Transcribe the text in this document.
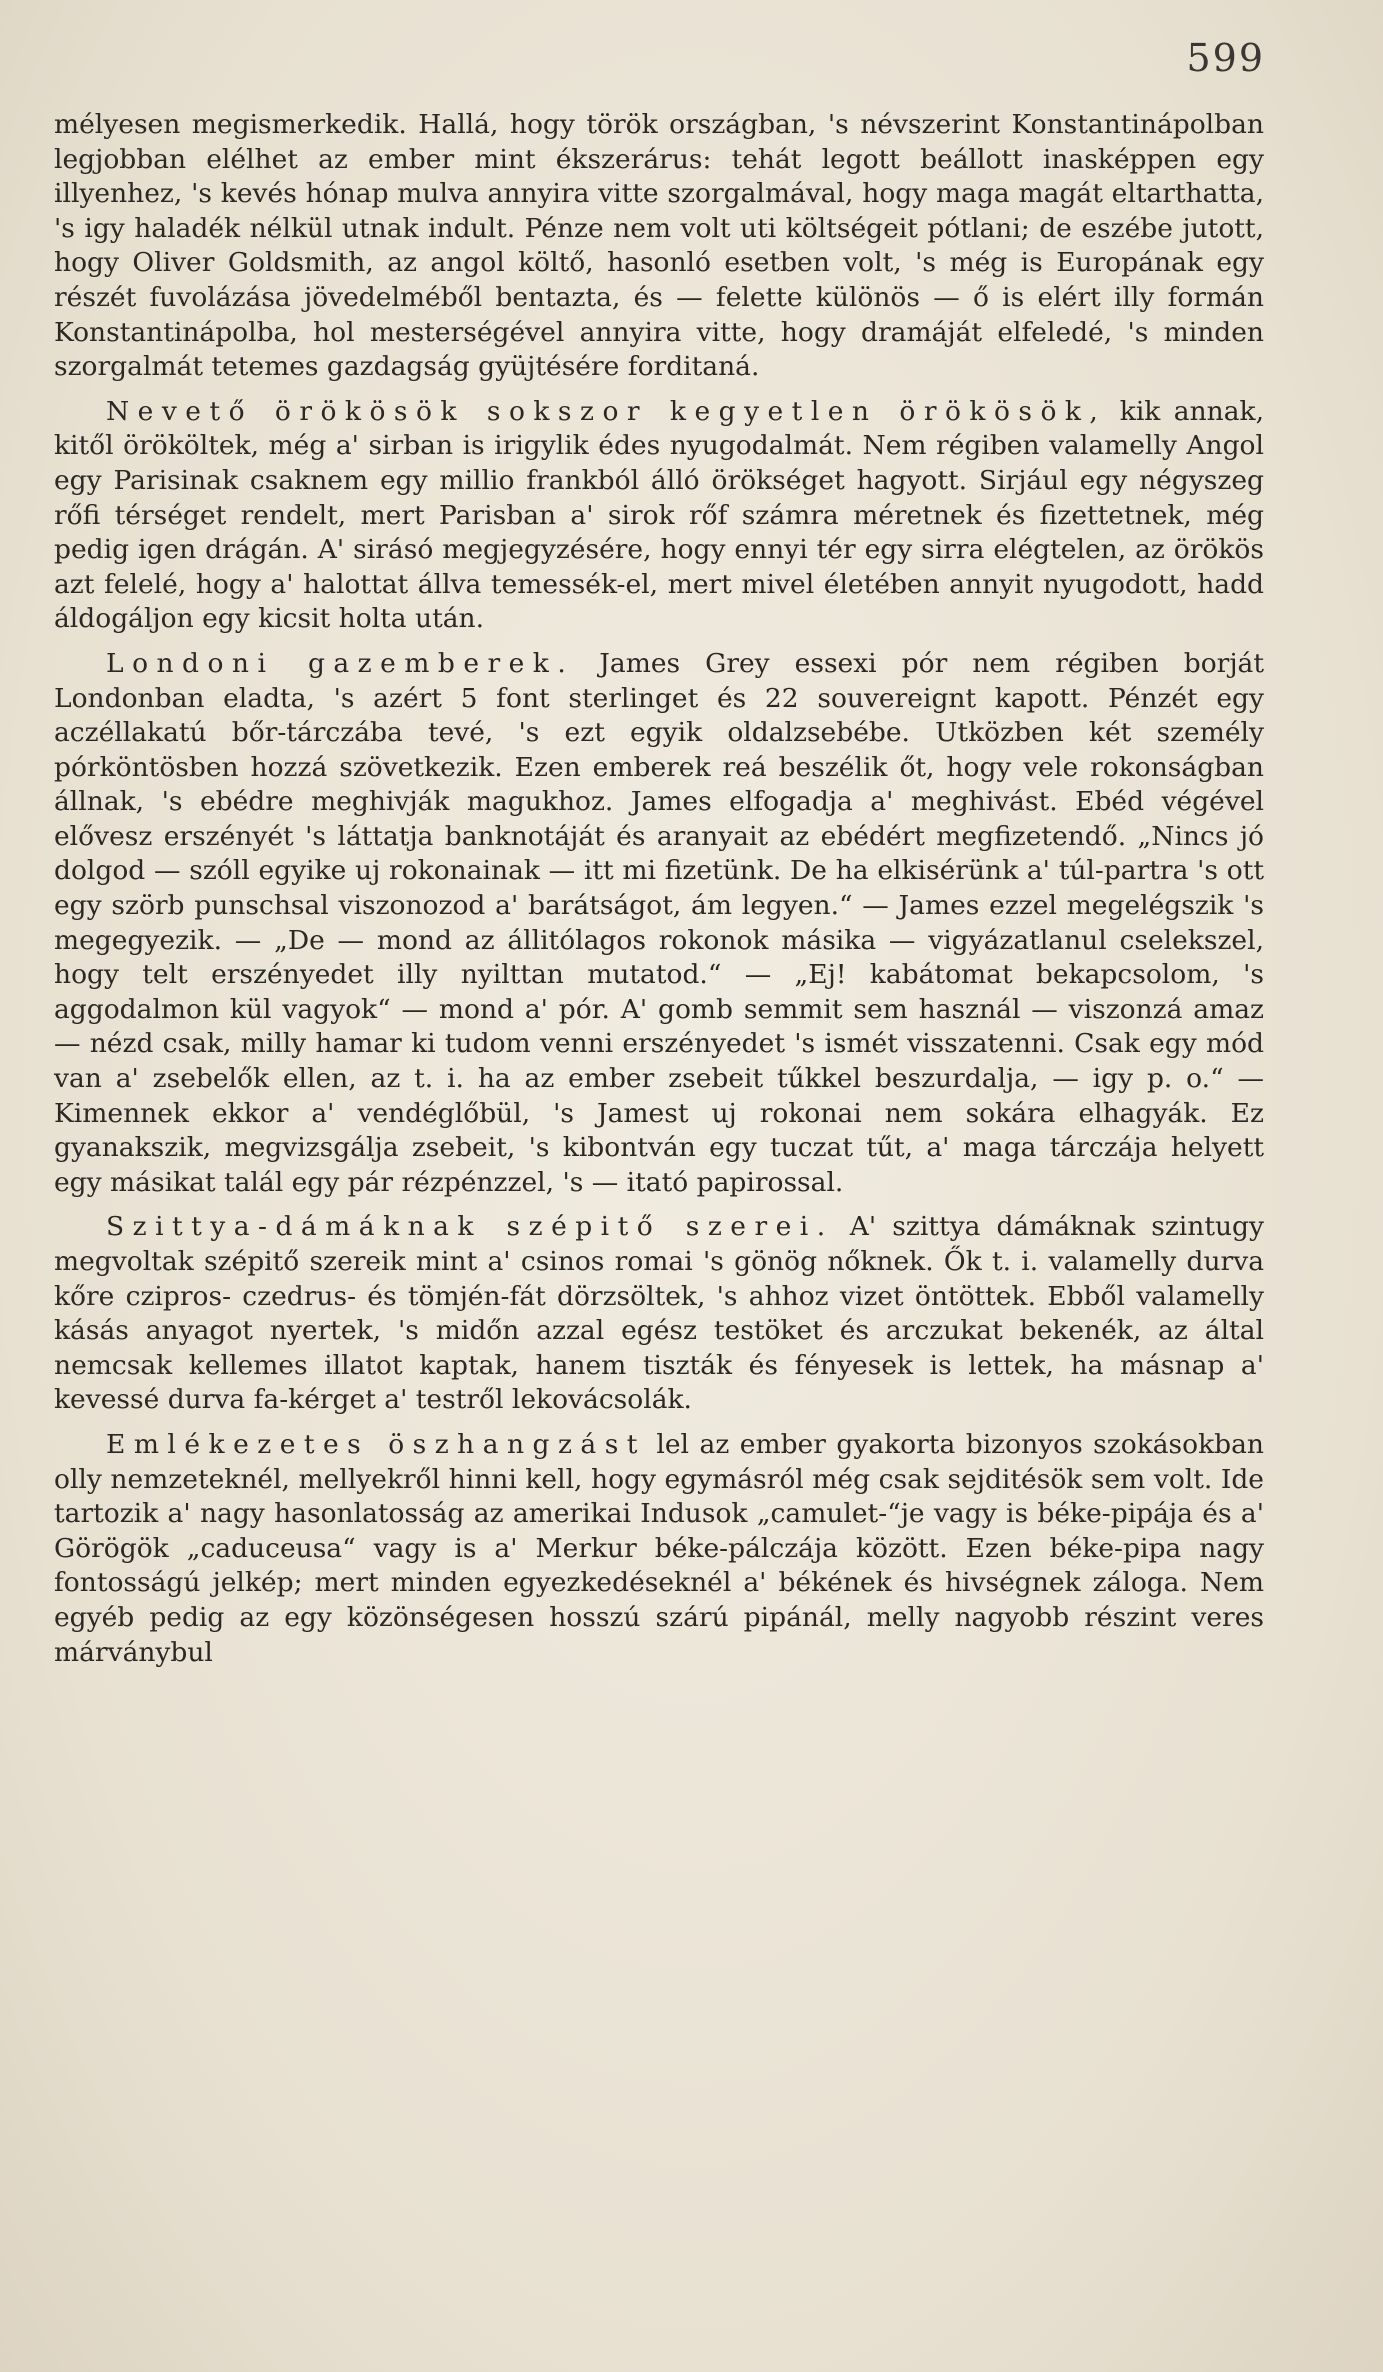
599

mélyesen megismerkedik. Hallá, hogy török országban, 's névszerint Konstantinápolban legjobban elélhet az ember mint ékszerárus: tehát legott beállott inasképpen egy illyenhez, 's kevés hónap mulva annyira vitte szorgalmával, hogy maga magát eltarthatta, 's igy haladék nélkül utnak indult. Pénze nem volt uti költségeit pótlani; de eszébe jutott, hogy Oliver Goldsmith, az angol költő, hasonló esetben volt, 's még is Europának egy részét fuvolázása jövedelméből bentazta, és — felette különös — ő is elért illy formán Konstantinápolba, hol mesterségével annyira vitte, hogy dramáját elfeledé, 's minden szorgalmát tetemes gazdagság gyüjtésére forditaná.

Nevető örökösök sokszor kegyetlen örökösök, kik annak, kitől örököltek, még a' sirban is irigylik édes nyugodalmát. Nem régiben valamelly Angol egy Parisinak csaknem egy millio frankból álló örökséget hagyott. Sirjául egy négyszeg rőfi térséget rendelt, mert Parisban a' sirok rőf számra méretnek és fizettetnek, még pedig igen drágán. A' sirásó megjegyzésére, hogy ennyi tér egy sirra elégtelen, az örökös azt felelé, hogy a' halottat állva temessék-el, mert mivel életében annyit nyugodott, hadd áldogáljon egy kicsit holta után.

Londoni gazemberek. James Grey essexi pór nem régiben borját Londonban eladta, 's azért 5 font sterlinget és 22 souvereignt kapott. Pénzét egy aczéllakatú bőr-tárczába tevé, 's ezt egyik oldalzsebébe. Utközben két személy pórköntösben hozzá szövetkezik. Ezen emberek reá beszélik őt, hogy vele rokonságban állnak, 's ebédre meghivják magukhoz. James elfogadja a' meghivást. Ebéd végével elővesz erszényét 's láttatja banknotáját és aranyait az ebédért megfizetendő. „Nincs jó dolgod — szóll egyike uj rokonainak — itt mi fizetünk. De ha elkisérünk a' túl-partra 's ott egy szörb punschsal viszonozod a' barátságot, ám legyen.“ — James ezzel megelégszik 's megegyezik. — „De — mond az állitólagos rokonok másika — vigyázatlanul cselekszel, hogy telt erszényedet illy nyilttan mutatod.“ — „Ej! kabátomat bekapcsolom, 's aggodalmon kül vagyok“ — mond a' pór. A' gomb semmit sem használ — viszonzá amaz — nézd csak, milly hamar ki tudom venni erszényedet 's ismét visszatenni. Csak egy mód van a' zsebelők ellen, az t. i. ha az ember zsebeit tűkkel beszurdalja, — igy p. o.“ — Kimennek ekkor a' vendéglőbül, 's Jamest uj rokonai nem sokára elhagyák. Ez gyanakszik, megvizsgálja zsebeit, 's kibontván egy tuczat tűt, a' maga tárczája helyett egy másikat talál egy pár rézpénzzel, 's — itató papirossal.

Szittya-dámáknak szépitő szerei. A' szittya dámáknak szintugy megvoltak szépitő szereik mint a' csinos romai 's gönög nőknek. Ők t. i. valamelly durva kőre czipros- czedrus- és tömjén-fát dörzsöltek, 's ahhoz vizet öntöttek. Ebből valamelly kásás anyagot nyertek, 's midőn azzal egész testöket és arczukat bekenék, az által nemcsak kellemes illatot kaptak, hanem tiszták és fényesek is lettek, ha másnap a' kevessé durva fa-kérget a' testről lekovácsolák.

Emlékezetes öszhangzást lel az ember gyakorta bizonyos szokásokban olly nemzeteknél, mellyekről hinni kell, hogy egymásról még csak sejditésök sem volt. Ide tartozik a' nagy hasonlatosság az amerikai Indusok „camulet-“je vagy is béke-pipája és a' Görögök „caduceusa“ vagy is a' Merkur béke-pálczája között. Ezen béke-pipa nagy fontosságú jelkép; mert minden egyezkedéseknél a' békének és hivségnek záloga. Nem egyéb pedig az egy közönségesen hosszú szárú pipánál, melly nagyobb részint veres márványbul
